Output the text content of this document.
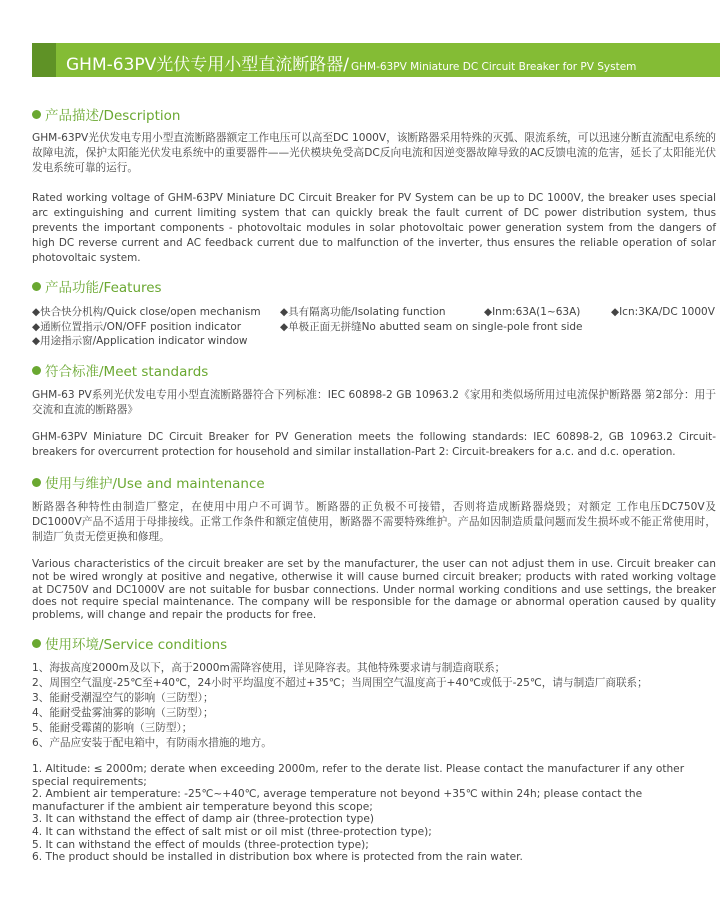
GHM-63PV光伏专用小型直流断路器/ GHM-63PV Miniature DC Circuit Breaker for PV System
产品描述/Description
GHM-63PV光伏发电专用小型直流断路器额定工作电压可以高至DC 1000V，该断路器采用特殊的灭弧、限流系统，可以迅速分断直流配电系统的故障电流，保护太阳能光伏发电系统中的重要器件——光伏模块免受高DC反向电流和因逆变器故障导致的AC反馈电流的危害，延长了太阳能光伏发电系统可靠的运行。
Rated working voltage of GHM-63PV Miniature DC Circuit Breaker for PV System can be up to DC 1000V, the breaker uses special arc extinguishing and current limiting system that can quickly break the fault current of DC power distribution system, thus prevents the important components - photovoltaic modules in solar photovoltaic power generation system from the dangers of high DC reverse current and AC feedback current due to malfunction of the inverter, thus ensures the reliable operation of solar photovoltaic system.
产品功能/Features
◆快合快分机构/Quick close/open mechanism ◆具有隔离功能/Isolating function	◆Inm:63A(1~63A)	◆Icn:3KA/DC 1000V
◆通断位置指示/ON/OFF position indicator	◆单极正面无拼缝No abutted seam on single-pole front side
◆用途指示窗/Application indicator window
符合标准/Meet standards
GHM-63 PV系列光伏发电专用小型直流断路器符合下列标准：IEC 60898-2 GB 10963.2《家用和类似场所用过电流保护断路器 第2部分：用于交流和直流的断路器》
GHM-63PV Miniature DC Circuit Breaker for PV Generation meets the following standards: IEC 60898-2, GB 10963.2 Circuit-breakers for overcurrent protection for household and similar installation-Part 2: Circuit-breakers for a.c. and d.c. operation.
使用与维护/Use and maintenance
断路器各种特性由制造厂整定，在使用中用户不可调节。断路器的正负极不可接错，否则将造成断路器烧毁；对额定 工作电压DC750V及DC1000V产品不适用于母排接线。正常工作条件和额定值使用，断路器不需要特殊维护。产品如因制造质量问题而发生损坏或不能正常使用时，制造厂负责无偿更换和修理。
Various characteristics of the circuit breaker are set by the manufacturer, the user can not adjust them in use. Circuit breaker can not be wired wrongly at positive and negative, otherwise it will cause burned circuit breaker; products with rated working voltage at DC750V and DC1000V are not suitable for busbar connections. Under normal working conditions and use settings, the breaker does not require special maintenance. The company will be responsible for the damage or abnormal operation caused by quality problems, will change and repair the products for free.
使用环境/Service conditions
1、海拔高度2000m及以下，高于2000m需降容使用，详见降容表。其他特殊要求请与制造商联系；
2、周围空气温度-25℃至+40℃，24小时平均温度不超过+35℃；当周围空气温度高于+40℃或低于-25℃，请与制造厂商联系；
3、能耐受潮湿空气的影响（三防型）；
4、能耐受盐雾油雾的影响（三防型）；
5、能耐受霉菌的影响（三防型）；
6、产品应安装于配电箱中，有防雨水措施的地方。
1. Altitude: ≤ 2000m; derate when exceeding 2000m, refer to the derate list. Please contact the manufacturer if any other special requirements;
2. Ambient air temperature: -25℃~+40℃, average temperature not beyond +35℃ within 24h; please contact the manufacturer if the ambient air temperature beyond this scope;
3. It can withstand the effect of damp air (three-protection type)
4. It can withstand the effect of salt mist or oil mist (three-protection type);
5. It can withstand the effect of moulds (three-protection type);
6. The product should be installed in distribution box where is protected from the rain water.
